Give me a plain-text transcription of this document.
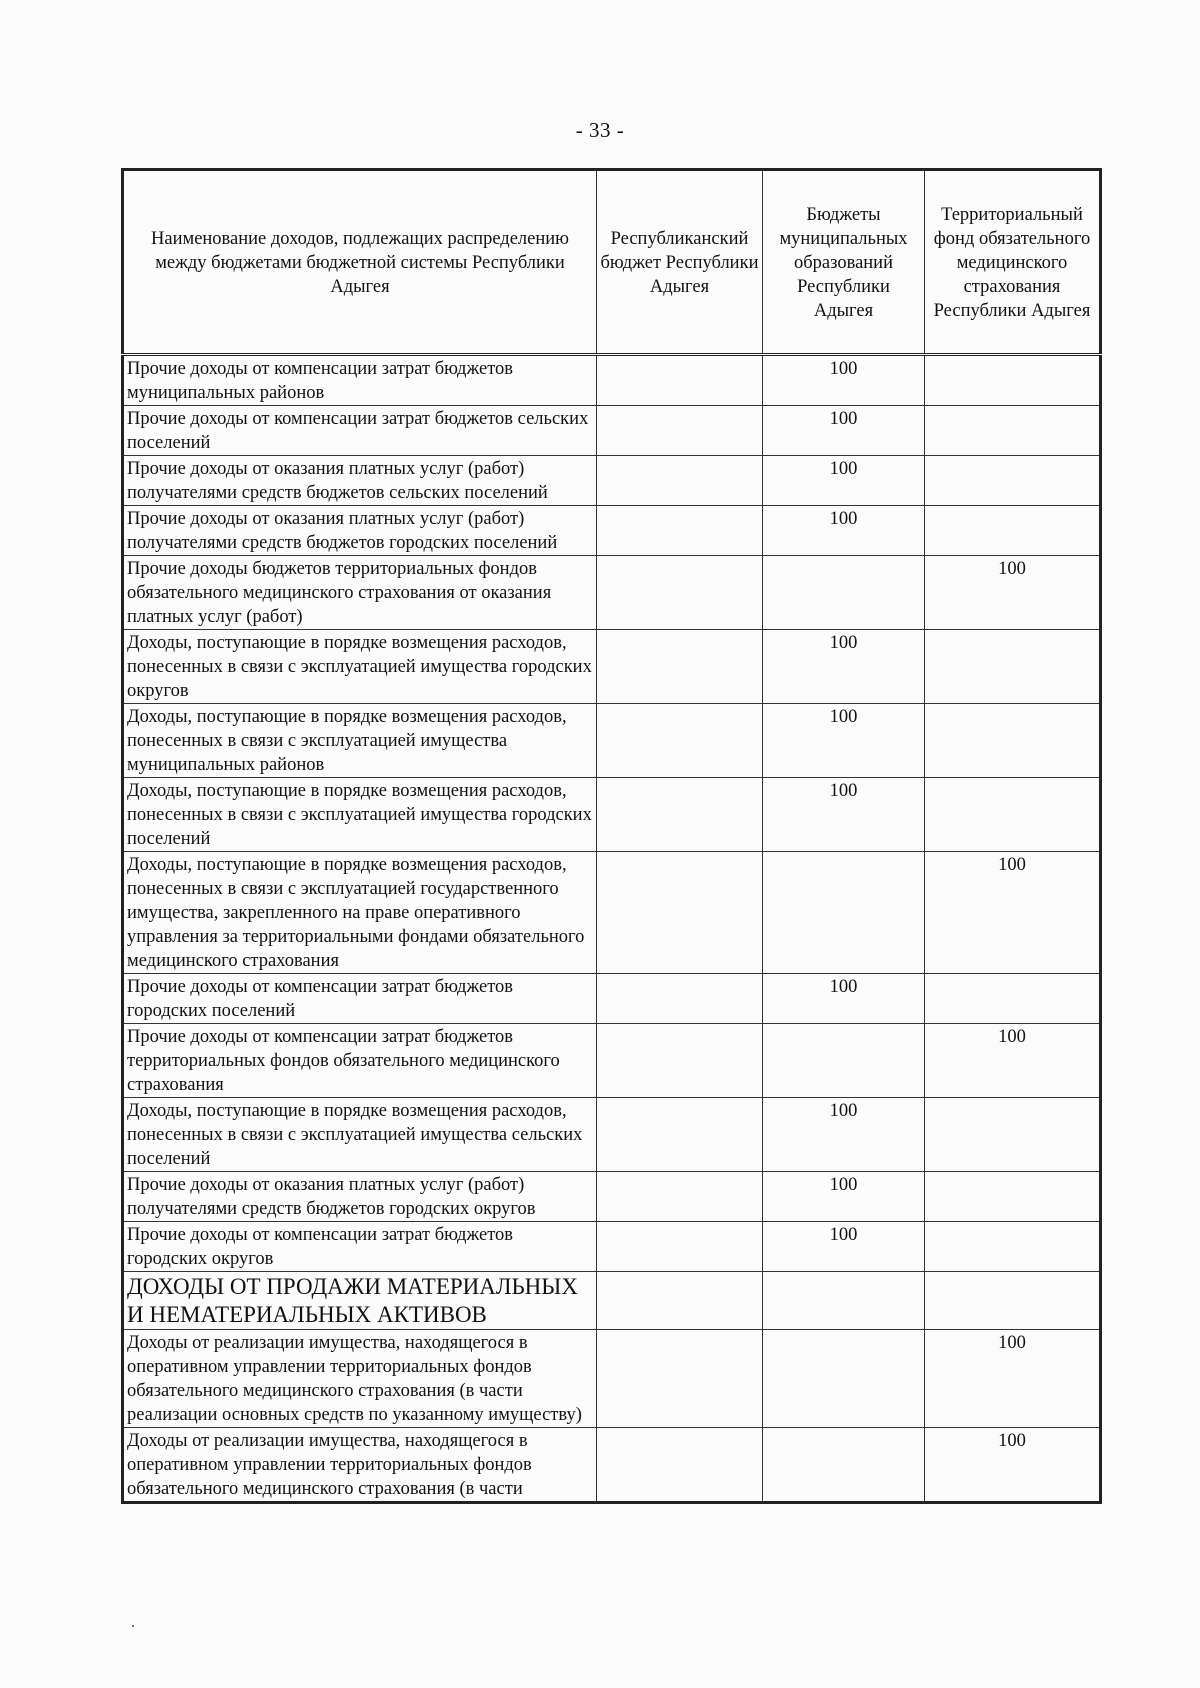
- 33 -
Наименование доходов, подлежащих распределению между бюджетами бюджетной системы Республики Адыгея	Республиканский бюджет Республики Адыгея	Бюджеты муниципальных образований Республики Адыгея	Территориальный фонд обязательного медицинского страхования Республики Адыгея
Прочие доходы от компенсации затрат бюджетов муниципальных районов		100	
Прочие доходы от компенсации затрат бюджетов сельских поселений		100	
Прочие доходы от оказания платных услуг (работ) получателями средств бюджетов сельских поселений		100	
Прочие доходы от оказания платных услуг (работ) получателями средств бюджетов городских поселений		100	
Прочие доходы бюджетов территориальных фондов обязательного медицинского страхования от оказания платных услуг (работ)			100
Доходы, поступающие в порядке возмещения расходов, понесенных в связи с эксплуатацией имущества городских округов		100	
Доходы, поступающие в порядке возмещения расходов, понесенных в связи с эксплуатацией имущества муниципальных районов		100	
Доходы, поступающие в порядке возмещения расходов, понесенных в связи с эксплуатацией имущества городских поселений		100	
Доходы, поступающие в порядке возмещения расходов, понесенных в связи с эксплуатацией государственного имущества, закрепленного на праве оперативного управления за территориальными фондами обязательного медицинского страхования			100
Прочие доходы от компенсации затрат бюджетов городских поселений		100	
Прочие доходы от компенсации затрат бюджетов территориальных фондов обязательного медицинского страхования			100
Доходы, поступающие в порядке возмещения расходов, понесенных в связи с эксплуатацией имущества сельских поселений		100	
Прочие доходы от оказания платных услуг (работ) получателями средств бюджетов городских округов		100	
Прочие доходы от компенсации затрат бюджетов городских округов		100	
ДОХОДЫ ОТ ПРОДАЖИ МАТЕРИАЛЬНЫХ И НЕМАТЕРИАЛЬНЫХ АКТИВОВ			
Доходы от реализации имущества, находящегося в оперативном управлении территориальных фондов обязательного медицинского страхования (в части реализации основных средств по указанному имуществу)			100
Доходы от реализации имущества, находящегося в оперативном управлении территориальных фондов обязательного медицинского страхования (в части			100
